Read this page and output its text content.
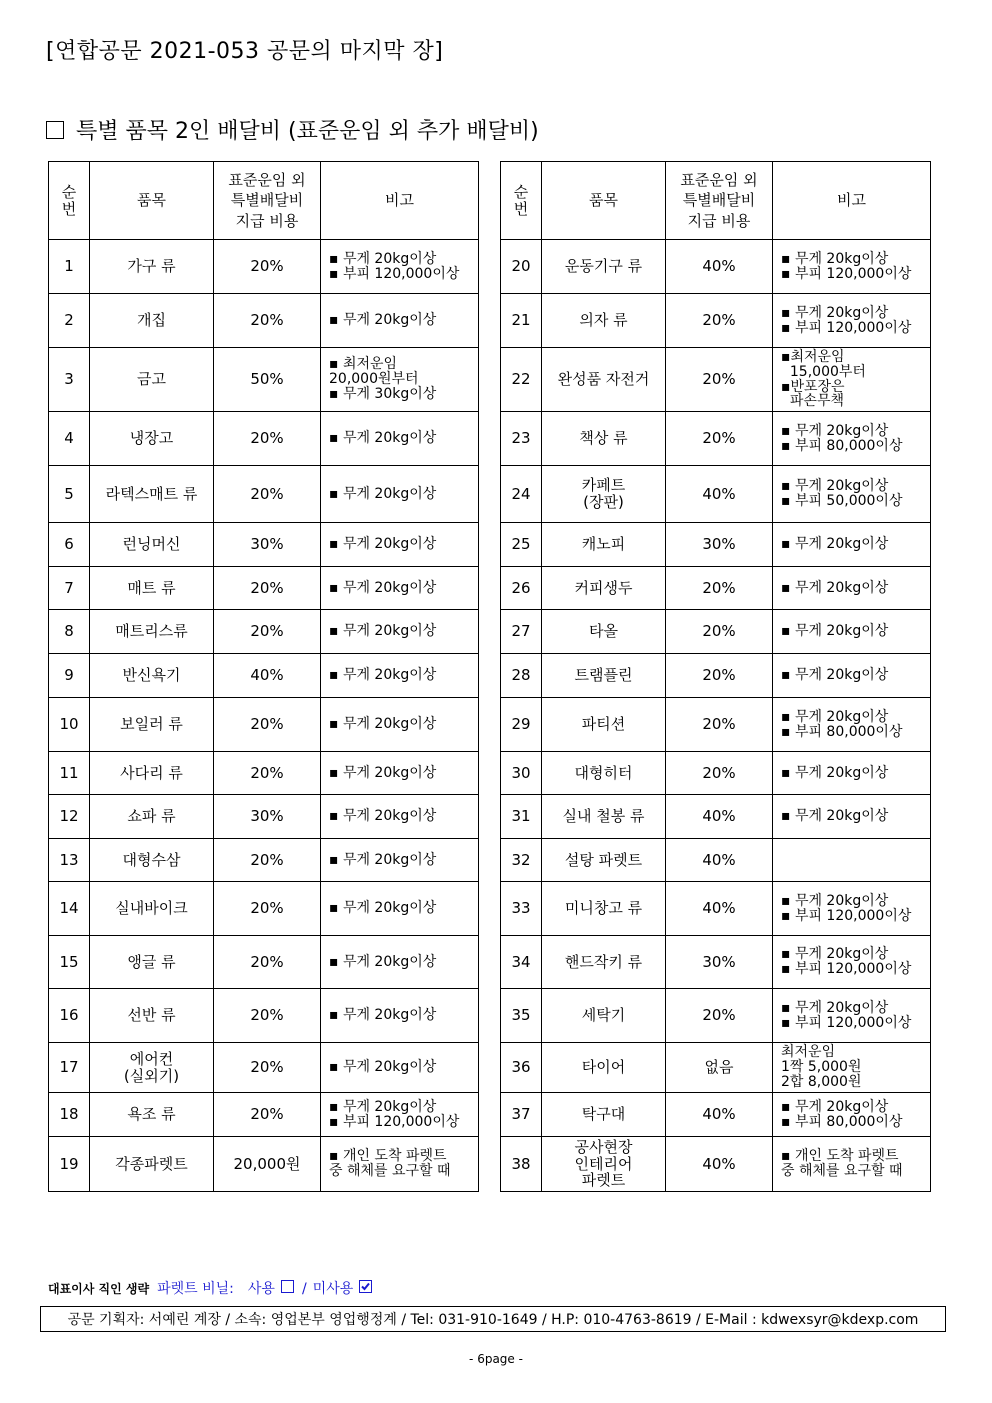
[연합공문 2021-053 공문의 마지막 장]
특별 품목 2인 배달비 (표준운임 외 추가 배달비)
순
번	품목	표준운임 외
특별배달비
지급 비용	비고
1	가구 류	20%	▪ 무게 20kg이상
▪ 부피 120,000이상
2	개집	20%	▪ 무게 20kg이상
3	금고	50%	▪ 최저운임
20,000원부터
▪ 무게 30kg이상
4	냉장고	20%	▪ 무게 20kg이상
5	라텍스매트 류	20%	▪ 무게 20kg이상
6	런닝머신	30%	▪ 무게 20kg이상
7	매트 류	20%	▪ 무게 20kg이상
8	매트리스류	20%	▪ 무게 20kg이상
9	반신욕기	40%	▪ 무게 20kg이상
10	보일러 류	20%	▪ 무게 20kg이상
11	사다리 류	20%	▪ 무게 20kg이상
12	쇼파 류	30%	▪ 무게 20kg이상
13	대형수삼	20%	▪ 무게 20kg이상
14	실내바이크	20%	▪ 무게 20kg이상
15	앵글 류	20%	▪ 무게 20kg이상
16	선반 류	20%	▪ 무게 20kg이상
17	에어컨
(실외기)	20%	▪ 무게 20kg이상
18	욕조 류	20%	▪ 무게 20kg이상
▪ 부피 120,000이상
19	각종파렛트	20,000원	▪ 개인 도착 파렛트
중 해체를 요구할 때
순
번	품목	표준운임 외
특별배달비
지급 비용	비고
20	운동기구 류	40%	▪ 무게 20kg이상
▪ 부피 120,000이상
21	의자 류	20%	▪ 무게 20kg이상
▪ 부피 120,000이상
22	완성품 자전거	20%	▪최저운임
15,000부터
▪반포장은
파손무책
23	책상 류	20%	▪ 무게 20kg이상
▪ 부피 80,000이상
24	카페트
(장판)	40%	▪ 무게 20kg이상
▪ 부피 50,000이상
25	캐노피	30%	▪ 무게 20kg이상
26	커피생두	20%	▪ 무게 20kg이상
27	타올	20%	▪ 무게 20kg이상
28	트램플린	20%	▪ 무게 20kg이상
29	파티션	20%	▪ 무게 20kg이상
▪ 부피 80,000이상
30	대형히터	20%	▪ 무게 20kg이상
31	실내 철봉 류	40%	▪ 무게 20kg이상
32	설탕 파렛트	40%	
33	미니창고 류	40%	▪ 무게 20kg이상
▪ 부피 120,000이상
34	핸드작키 류	30%	▪ 무게 20kg이상
▪ 부피 120,000이상
35	세탁기	20%	▪ 무게 20kg이상
▪ 부피 120,000이상
36	타이어	없음	최저운임
1짝 5,000원
2합 8,000원
37	탁구대	40%	▪ 무게 20kg이상
▪ 부피 80,000이상
38	공사현장
인테리어
파렛트	40%	▪ 개인 도착 파렛트
중 해체를 요구할 때
대표이사 직인 생략 파렛트 비닐: 사용 / 미사용
공문 기획자: 서예린 계장 / 소속: 영업본부 영업행정계 / Tel: 031-910-1649 / H.P: 010-4763-8619 / E-Mail : kdwexsyr@kdexp.com
- 6page -
